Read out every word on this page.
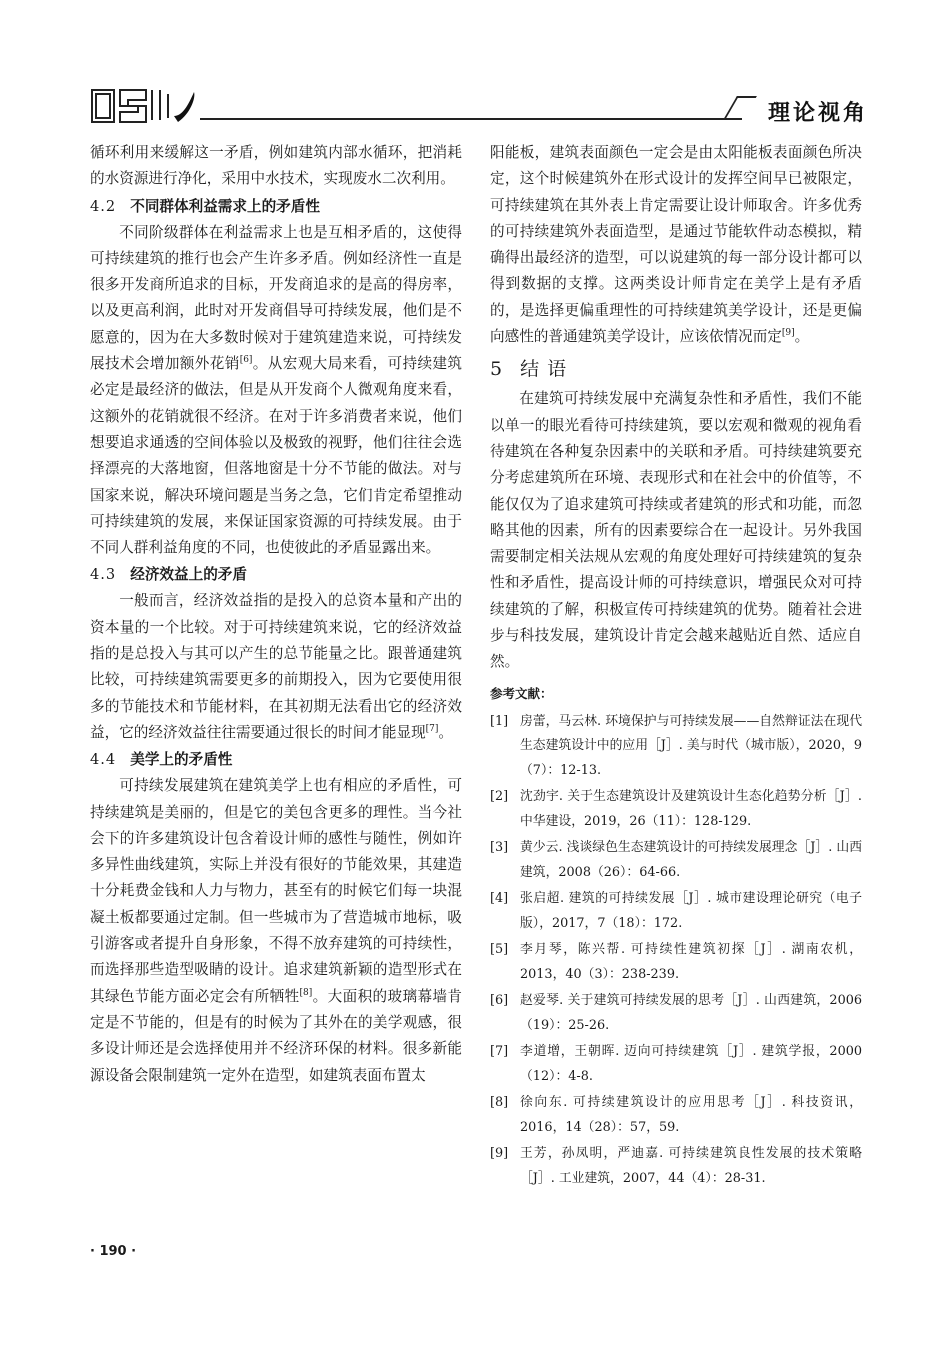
理论视角

循环利用来缓解这一矛盾，例如建筑内部水循环，把消耗的水资源进行净化，采用中水技术，实现废水二次利用。

4.2 不同群体利益需求上的矛盾性

不同阶级群体在利益需求上也是互相矛盾的，这使得可持续建筑的推行也会产生许多矛盾。例如经济性一直是很多开发商所追求的目标，开发商追求的是高的得房率，以及更高利润，此时对开发商倡导可持续发展，他们是不愿意的，因为在大多数时候对于建筑建造来说，可持续发展技术会增加额外花销[6]。从宏观大局来看，可持续建筑必定是最经济的做法，但是从开发商个人微观角度来看，这额外的花销就很不经济。在对于许多消费者来说，他们想要追求通透的空间体验以及极致的视野，他们往往会选择漂亮的大落地窗，但落地窗是十分不节能的做法。对与国家来说，解决环境问题是当务之急，它们肯定希望推动可持续建筑的发展，来保证国家资源的可持续发展。由于不同人群利益角度的不同，也使彼此的矛盾显露出来。

4.3 经济效益上的矛盾

一般而言，经济效益指的是投入的总资本量和产出的资本量的一个比较。对于可持续建筑来说，它的经济效益指的是总投入与其可以产生的总节能量之比。跟普通建筑比较，可持续建筑需要更多的前期投入，因为它要使用很多的节能技术和节能材料，在其初期无法看出它的经济效益，它的经济效益往往需要通过很长的时间才能显现[7]。

4.4 美学上的矛盾性

可持续发展建筑在建筑美学上也有相应的矛盾性，可持续建筑是美丽的，但是它的美包含更多的理性。当今社会下的许多建筑设计包含着设计师的感性与随性，例如许多异性曲线建筑，实际上并没有很好的节能效果，其建造十分耗费金钱和人力与物力，甚至有的时候它们每一块混凝土板都要通过定制。但一些城市为了营造城市地标，吸引游客或者提升自身形象，不得不放弃建筑的可持续性，而选择那些造型吸睛的设计。追求建筑新颖的造型形式在其绿色节能方面必定会有所牺牲[8]。大面积的玻璃幕墙肯定是不节能的，但是有的时候为了其外在的美学观感，很多设计师还是会选择使用并不经济环保的材料。很多新能源设备会限制建筑一定外在造型，如建筑表面布置太

阳能板，建筑表面颜色一定会是由太阳能板表面颜色所决定，这个时候建筑外在形式设计的发挥空间早已被限定，可持续建筑在其外表上肯定需要让设计师取舍。许多优秀的可持续建筑外表面造型，是通过节能软件动态模拟，精确得出最经济的造型，可以说建筑的每一部分设计都可以得到数据的支撑。这两类设计师肯定在美学上是有矛盾的，是选择更偏重理性的可持续建筑美学设计，还是更偏向感性的普通建筑美学设计，应该依情况而定[9]。

5 结语

在建筑可持续发展中充满复杂性和矛盾性，我们不能以单一的眼光看待可持续建筑，要以宏观和微观的视角看待建筑在各种复杂因素中的关联和矛盾。可持续建筑要充分考虑建筑所在环境、表现形式和在社会中的价值等，不能仅仅为了追求建筑可持续或者建筑的形式和功能，而忽略其他的因素，所有的因素要综合在一起设计。另外我国需要制定相关法规从宏观的角度处理好可持续建筑的复杂性和矛盾性，提高设计师的可持续意识，增强民众对可持续建筑的了解，积极宣传可持续建筑的优势。随着社会进步与科技发展，建筑设计肯定会越来越贴近自然、适应自然。

参考文献：
[1] 房蕾，马云林. 环境保护与可持续发展——自然辩证法在现代生态建筑设计中的应用［J］. 美与时代（城市版），2020，9（7）：12-13.
[2] 沈劲宇. 关于生态建筑设计及建筑设计生态化趋势分析［J］. 中华建设，2019，26（11）：128-129.
[3] 黄少云. 浅谈绿色生态建筑设计的可持续发展理念［J］. 山西建筑，2008（26）：64-66.
[4] 张启超. 建筑的可持续发展［J］. 城市建设理论研究（电子版），2017，7（18）：172.
[5] 李月琴，陈兴帮. 可持续性建筑初探［J］. 湖南农机，2013，40（3）：238-239.
[6] 赵爱琴. 关于建筑可持续发展的思考［J］. 山西建筑，2006（19）：25-26.
[7] 李道增，王朝晖. 迈向可持续建筑［J］. 建筑学报，2000（12）：4-8.
[8] 徐向东. 可持续建筑设计的应用思考［J］. 科技资讯，2016，14（28）：57，59.
[9] 王芳，孙凤明，严迪嘉. 可持续建筑良性发展的技术策略［J］. 工业建筑，2007，44（4）：28-31.
· 190 ·
